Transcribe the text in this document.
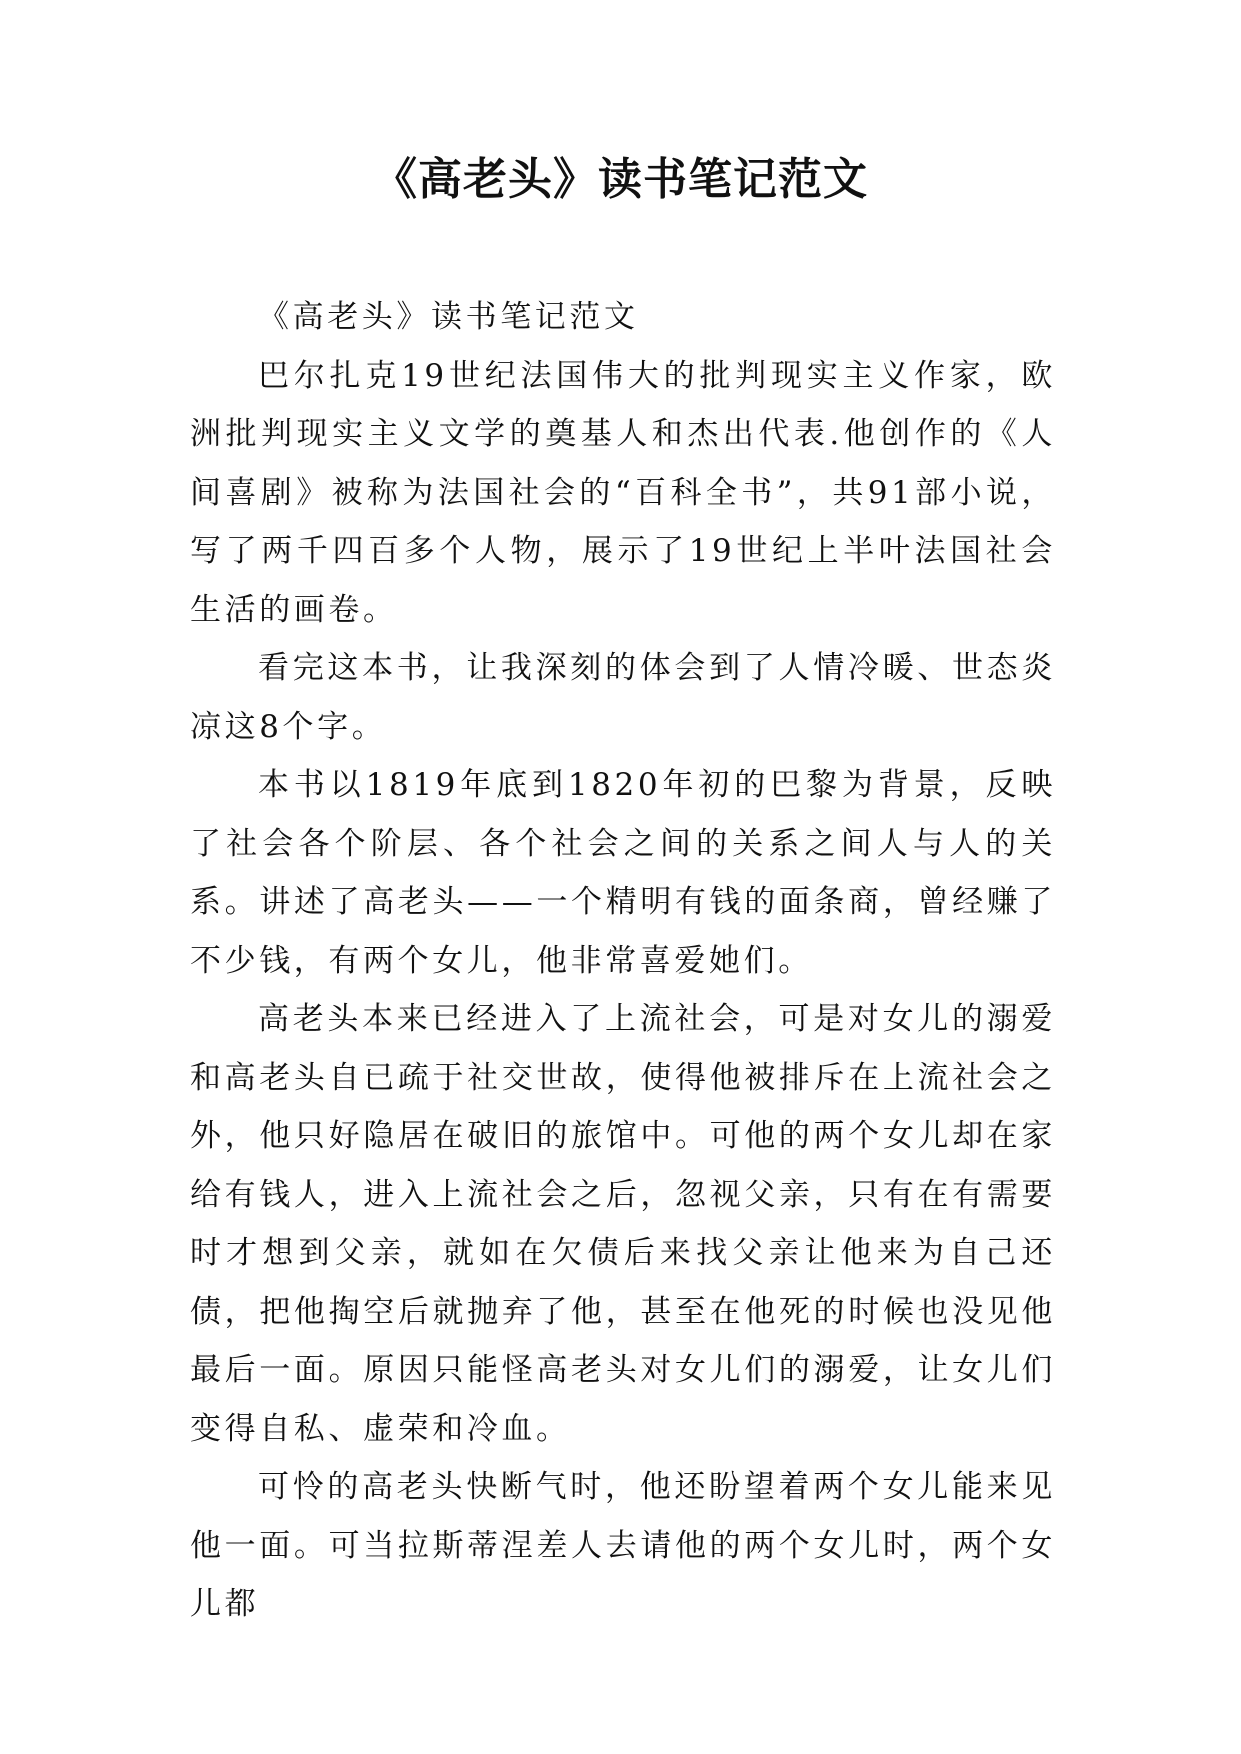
《高老头》读书笔记范文

《高老头》读书笔记范文

巴尔扎克19世纪法国伟大的批判现实主义作家，欧洲批判现实主义文学的奠基人和杰出代表.他创作的《人间喜剧》被称为法国社会的“百科全书”，共91部小说，写了两千四百多个人物，展示了19世纪上半叶法国社会生活的画卷。

看完这本书，让我深刻的体会到了人情冷暖、世态炎凉这8个字。

本书以1819年底到1820年初的巴黎为背景，反映了社会各个阶层、各个社会之间的关系之间人与人的关系。讲述了高老头——一个精明有钱的面条商，曾经赚了不少钱，有两个女儿，他非常喜爱她们。

高老头本来已经进入了上流社会，可是对女儿的溺爱和高老头自已疏于社交世故，使得他被排斥在上流社会之外，他只好隐居在破旧的旅馆中。可他的两个女儿却在家给有钱人，进入上流社会之后，忽视父亲，只有在有需要时才想到父亲，就如在欠债后来找父亲让他来为自己还债，把他掏空后就抛弃了他，甚至在他死的时候也没见他最后一面。原因只能怪高老头对女儿们的溺爱，让女儿们变得自私、虚荣和冷血。

可怜的高老头快断气时，他还盼望着两个女儿能来见他一面。可当拉斯蒂涅差人去请他的两个女儿时，两个女儿都
